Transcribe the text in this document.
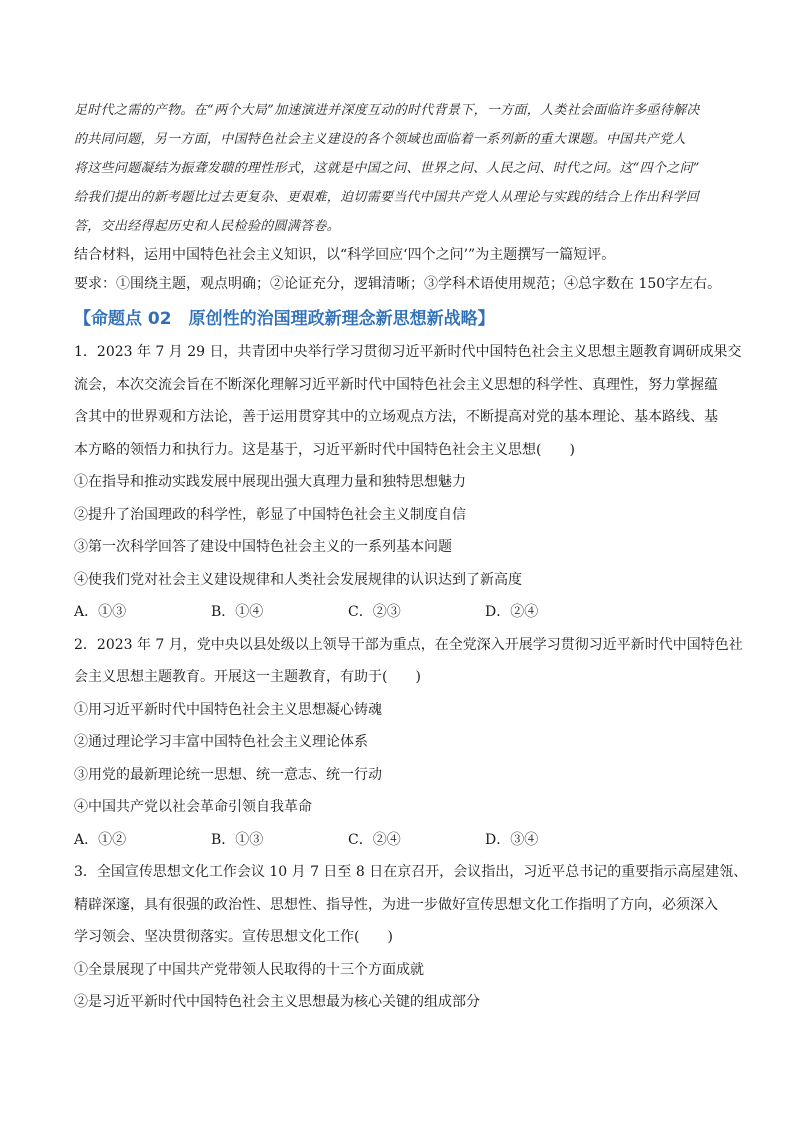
足时代之需的产物。在“两个大局”加速演进并深度互动的时代背景下，一方面，人类社会面临许多亟待解决

的共同问题，另一方面，中国特色社会主义建设的各个领域也面临着一系列新的重大课题。中国共产党人

将这些问题凝结为振聋发聩的理性形式，这就是中国之问、世界之问、人民之问、时代之问。这“四个之问”

给我们提出的新考题比过去更复杂、更艰难，迫切需要当代中国共产党人从理论与实践的结合上作出科学回

答，交出经得起历史和人民检验的圆满答卷。

结合材料，运用中国特色社会主义知识，以“科学回应‘四个之问’”为主题撰写一篇短评。

要求：①围绕主题，观点明确；②论证充分，逻辑清晰；③学科术语使用规范；④总字数在 150字左右。

【命题点 02　原创性的治国理政新理念新思想新战略】

1．2023 年 7 月 29 日，共青团中央举行学习贯彻习近平新时代中国特色社会主义思想主题教育调研成果交

流会，本次交流会旨在不断深化理解习近平新时代中国特色社会主义思想的科学性、真理性，努力掌握蕴

含其中的世界观和方法论，善于运用贯穿其中的立场观点方法，不断提高对党的基本理论、基本路线、基

本方略的领悟力和执行力。这是基于，习近平新时代中国特色社会主义思想(　　)

①在指导和推动实践发展中展现出强大真理力量和独特思想魅力

②提升了治国理政的科学性，彰显了中国特色社会主义制度自信

③第一次科学回答了建设中国特色社会主义的一系列基本问题

④使我们党对社会主义建设规律和人类社会发展规律的认识达到了新高度

A．①③	B．①④	C．②③	D．②④

2．2023 年 7 月，党中央以县处级以上领导干部为重点，在全党深入开展学习贯彻习近平新时代中国特色社

会主义思想主题教育。开展这一主题教育，有助于(　　)

①用习近平新时代中国特色社会主义思想凝心铸魂

②通过理论学习丰富中国特色社会主义理论体系

③用党的最新理论统一思想、统一意志、统一行动

④中国共产党以社会革命引领自我革命

A．①②	B．①③	C．②④	D．③④

3．全国宣传思想文化工作会议 10 月 7 日至 8 日在京召开，会议指出，习近平总书记的重要指示高屋建瓴、

精辟深邃，具有很强的政治性、思想性、指导性，为进一步做好宣传思想文化工作指明了方向，必须深入

学习领会、坚决贯彻落实。宣传思想文化工作(　　)

①全景展现了中国共产党带领人民取得的十三个方面成就

②是习近平新时代中国特色社会主义思想最为核心关键的组成部分
